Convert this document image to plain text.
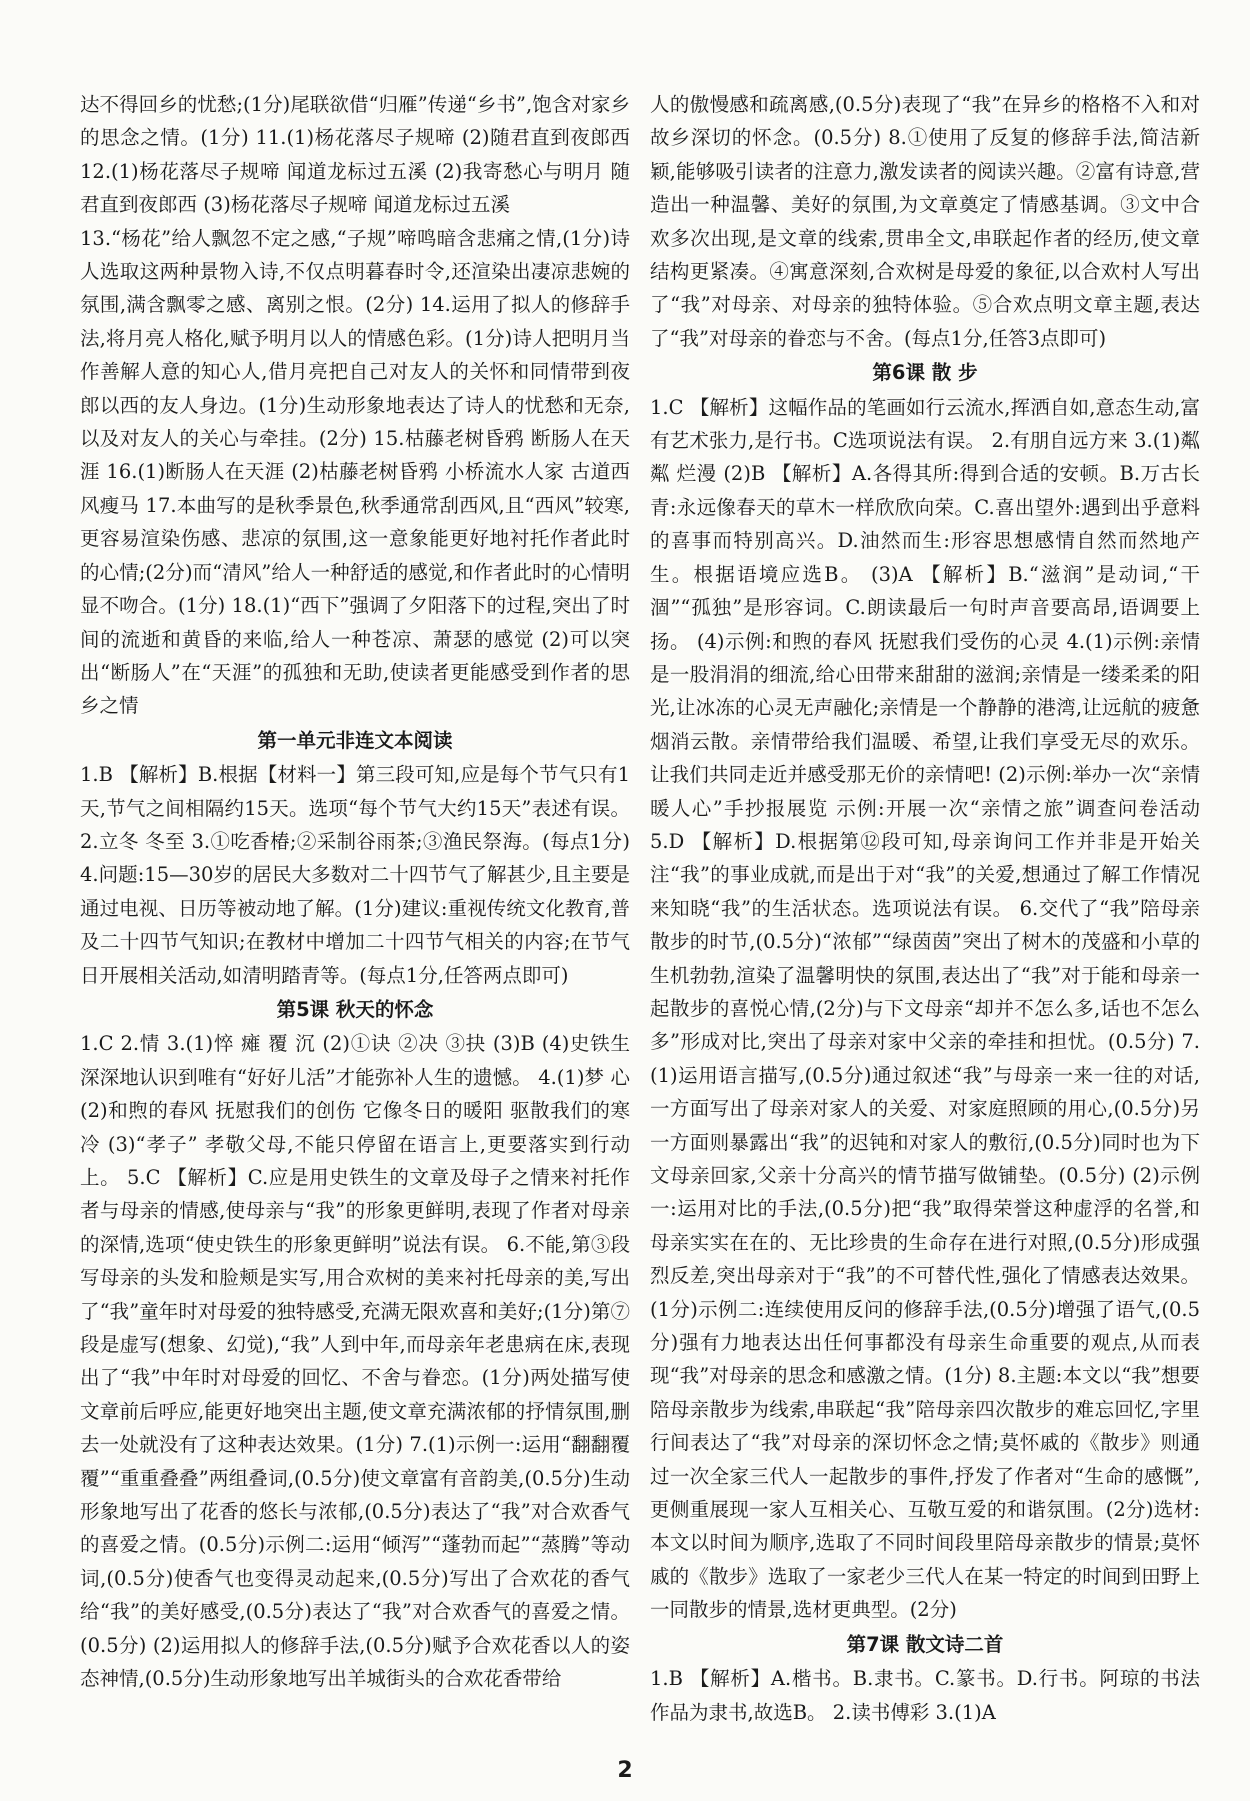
达不得回乡的忧愁;(1分)尾联欲借“归雁”传递“乡书”,饱含对家乡的思念之情。(1分) 11.(1)杨花落尽子规啼 (2)随君直到夜郎西 12.(1)杨花落尽子规啼 闻道龙标过五溪 (2)我寄愁心与明月 随君直到夜郎西 (3)杨花落尽子规啼 闻道龙标过五溪

13.“杨花”给人飘忽不定之感,“子规”啼鸣暗含悲痛之情,(1分)诗人选取这两种景物入诗,不仅点明暮春时令,还渲染出凄凉悲婉的氛围,满含飘零之感、离别之恨。(2分) 14.运用了拟人的修辞手法,将月亮人格化,赋予明月以人的情感色彩。(1分)诗人把明月当作善解人意的知心人,借月亮把自己对友人的关怀和同情带到夜郎以西的友人身边。(1分)生动形象地表达了诗人的忧愁和无奈,以及对友人的关心与牵挂。(2分) 15.枯藤老树昏鸦 断肠人在天涯 16.(1)断肠人在天涯 (2)枯藤老树昏鸦 小桥流水人家 古道西风瘦马 17.本曲写的是秋季景色,秋季通常刮西风,且“西风”较寒,更容易渲染伤感、悲凉的氛围,这一意象能更好地衬托作者此时的心情;(2分)而“清风”给人一种舒适的感觉,和作者此时的心情明显不吻合。(1分) 18.(1)“西下”强调了夕阳落下的过程,突出了时间的流逝和黄昏的来临,给人一种苍凉、萧瑟的感觉 (2)可以突出“断肠人”在“天涯”的孤独和无助,使读者更能感受到作者的思乡之情

第一单元非连文本阅读

1.B 【解析】B.根据【材料一】第三段可知,应是每个节气只有1天,节气之间相隔约15天。选项“每个节气大约15天”表述有误。 2.立冬 冬至 3.①吃香椿;②采制谷雨茶;③渔民祭海。(每点1分) 4.问题:15—30岁的居民大多数对二十四节气了解甚少,且主要是通过电视、日历等被动地了解。(1分)建议:重视传统文化教育,普及二十四节气知识;在教材中增加二十四节气相关的内容;在节气日开展相关活动,如清明踏青等。(每点1分,任答两点即可)

第5课 秋天的怀念

1.C 2.情 3.(1)悴 瘫 覆 沉 (2)①诀 ②决 ③抉 (3)B (4)史铁生深深地认识到唯有“好好儿活”才能弥补人生的遗憾。 4.(1)梦 心 (2)和煦的春风 抚慰我们的创伤 它像冬日的暖阳 驱散我们的寒冷 (3)“孝子” 孝敬父母,不能只停留在语言上,更要落实到行动上。 5.C 【解析】C.应是用史铁生的文章及母子之情来衬托作者与母亲的情感,使母亲与“我”的形象更鲜明,表现了作者对母亲的深情,选项“使史铁生的形象更鲜明”说法有误。 6.不能,第③段写母亲的头发和脸颊是实写,用合欢树的美来衬托母亲的美,写出了“我”童年时对母爱的独特感受,充满无限欢喜和美好;(1分)第⑦段是虚写(想象、幻觉),“我”人到中年,而母亲年老患病在床,表现出了“我”中年时对母爱的回忆、不舍与眷恋。(1分)两处描写使文章前后呼应,能更好地突出主题,使文章充满浓郁的抒情氛围,删去一处就没有了这种表达效果。(1分) 7.(1)示例一:运用“翻翻覆覆”“重重叠叠”两组叠词,(0.5分)使文章富有音韵美,(0.5分)生动形象地写出了花香的悠长与浓郁,(0.5分)表达了“我”对合欢香气的喜爱之情。(0.5分)示例二:运用“倾泻”“蓬勃而起”“蒸腾”等动词,(0.5分)使香气也变得灵动起来,(0.5分)写出了合欢花的香气给“我”的美好感受,(0.5分)表达了“我”对合欢香气的喜爱之情。(0.5分) (2)运用拟人的修辞手法,(0.5分)赋予合欢花香以人的姿态神情,(0.5分)生动形象地写出羊城街头的合欢花香带给

人的傲慢感和疏离感,(0.5分)表现了“我”在异乡的格格不入和对故乡深切的怀念。(0.5分) 8.①使用了反复的修辞手法,简洁新颖,能够吸引读者的注意力,激发读者的阅读兴趣。②富有诗意,营造出一种温馨、美好的氛围,为文章奠定了情感基调。③文中合欢多次出现,是文章的线索,贯串全文,串联起作者的经历,使文章结构更紧凑。④寓意深刻,合欢树是母爱的象征,以合欢村人写出了“我”对母亲、对母亲的独特体验。⑤合欢点明文章主题,表达了“我”对母亲的眷恋与不舍。(每点1分,任答3点即可)

第6课 散 步

1.C 【解析】这幅作品的笔画如行云流水,挥洒自如,意态生动,富有艺术张力,是行书。C选项说法有误。 2.有朋自远方来 3.(1)粼粼 烂漫 (2)B 【解析】A.各得其所:得到合适的安顿。B.万古长青:永远像春天的草木一样欣欣向荣。C.喜出望外:遇到出乎意料的喜事而特别高兴。D.油然而生:形容思想感情自然而然地产生。根据语境应选B。 (3)A 【解析】B.“滋润”是动词,“干涸”“孤独”是形容词。C.朗读最后一句时声音要高昂,语调要上扬。 (4)示例:和煦的春风 抚慰我们受伤的心灵 4.(1)示例:亲情是一股涓涓的细流,给心田带来甜甜的滋润;亲情是一缕柔柔的阳光,让冰冻的心灵无声融化;亲情是一个静静的港湾,让远航的疲惫烟消云散。亲情带给我们温暖、希望,让我们享受无尽的欢乐。让我们共同走近并感受那无价的亲情吧! (2)示例:举办一次“亲情暖人心”手抄报展览 示例:开展一次“亲情之旅”调查问卷活动 5.D 【解析】D.根据第⑫段可知,母亲询问工作并非是开始关注“我”的事业成就,而是出于对“我”的关爱,想通过了解工作情况来知晓“我”的生活状态。选项说法有误。 6.交代了“我”陪母亲散步的时节,(0.5分)“浓郁”“绿茵茵”突出了树木的茂盛和小草的生机勃勃,渲染了温馨明快的氛围,表达出了“我”对于能和母亲一起散步的喜悦心情,(2分)与下文母亲“却并不怎么多,话也不怎么多”形成对比,突出了母亲对家中父亲的牵挂和担忧。(0.5分) 7.(1)运用语言描写,(0.5分)通过叙述“我”与母亲一来一往的对话,一方面写出了母亲对家人的关爱、对家庭照顾的用心,(0.5分)另一方面则暴露出“我”的迟钝和对家人的敷衍,(0.5分)同时也为下文母亲回家,父亲十分高兴的情节描写做铺垫。(0.5分) (2)示例一:运用对比的手法,(0.5分)把“我”取得荣誉这种虚浮的名誉,和母亲实实在在的、无比珍贵的生命存在进行对照,(0.5分)形成强烈反差,突出母亲对于“我”的不可替代性,强化了情感表达效果。(1分)示例二:连续使用反问的修辞手法,(0.5分)增强了语气,(0.5分)强有力地表达出任何事都没有母亲生命重要的观点,从而表现“我”对母亲的思念和感激之情。(1分) 8.主题:本文以“我”想要陪母亲散步为线索,串联起“我”陪母亲四次散步的难忘回忆,字里行间表达了“我”对母亲的深切怀念之情;莫怀戚的《散步》则通过一次全家三代人一起散步的事件,抒发了作者对“生命的感慨”,更侧重展现一家人互相关心、互敬互爱的和谐氛围。(2分)选材:本文以时间为顺序,选取了不同时间段里陪母亲散步的情景;莫怀戚的《散步》选取了一家老少三代人在某一特定的时间到田野上一同散步的情景,选材更典型。(2分)

第7课 散文诗二首

1.B 【解析】A.楷书。B.隶书。C.篆书。D.行书。阿琼的书法作品为隶书,故选B。 2.读书傅彩 3.(1)A

2
